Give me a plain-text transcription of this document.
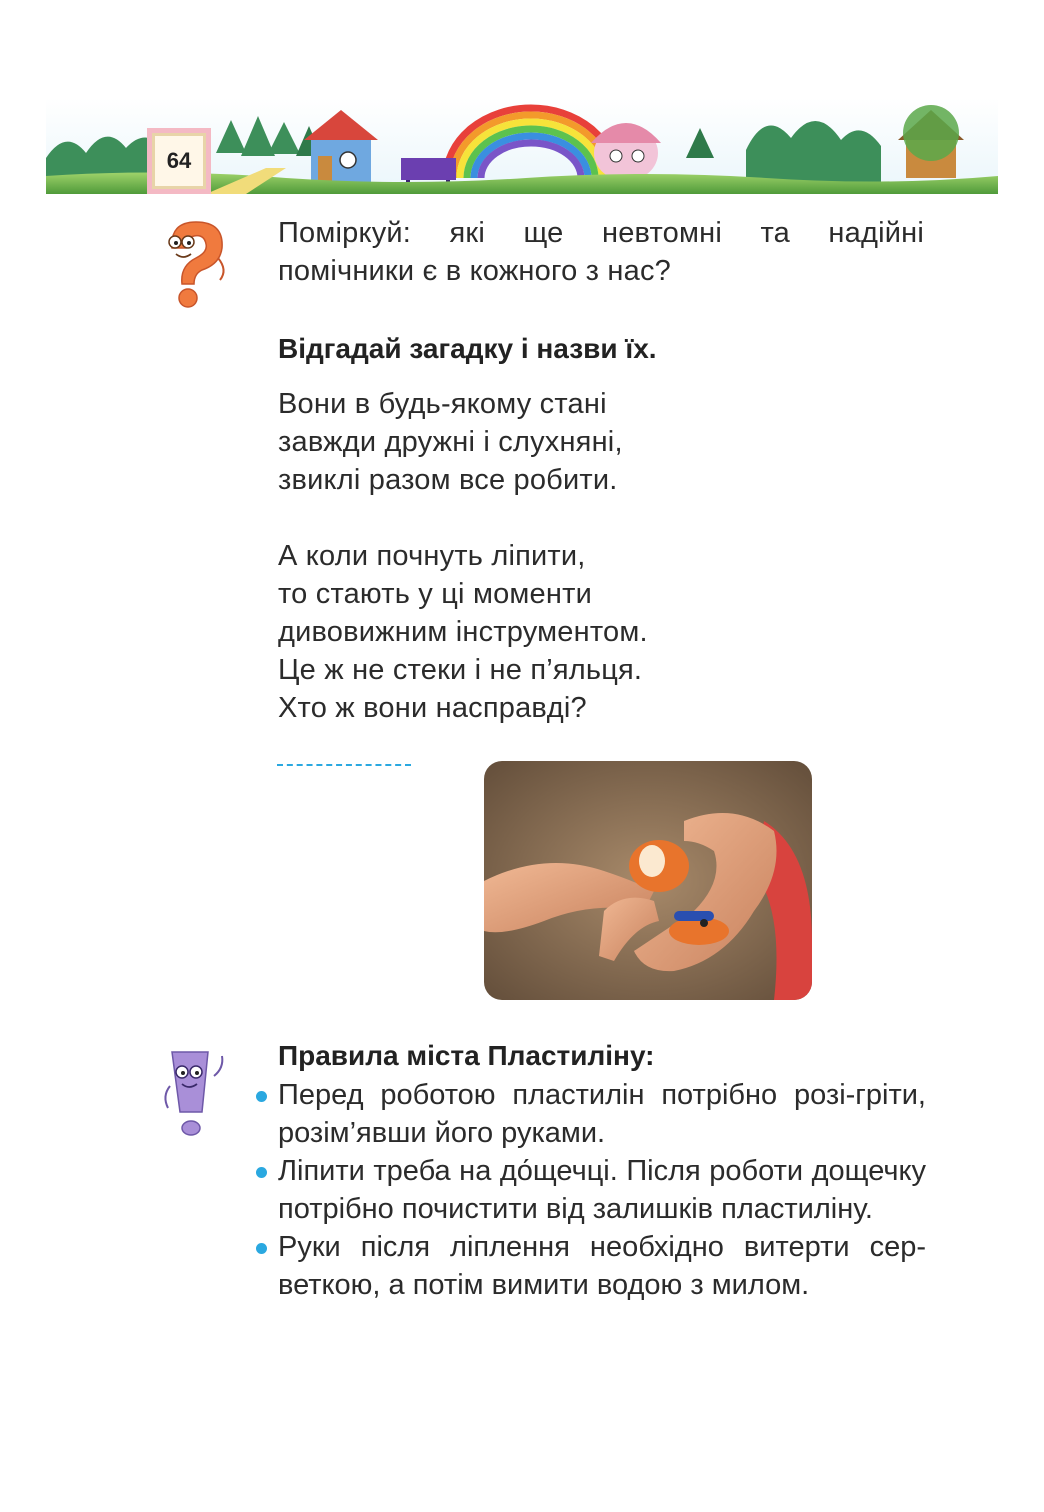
64
Поміркуй: які ще невтомні та надійні
помічники є в кожного з нас?
Відгадай загадку і назви їх.

Вони в будь-якому стані

завжди дружні і слухняні,

звиклі разом все робити.

А коли почнуть ліпити,

то стають у ці моменти

дивовижним інструментом.

Це ж не стеки і не п’яльця.

Хто ж вони насправді?

Правила міста Пластиліну:
Перед роботою пластилін потрібно розі-гріти, розім’явши його руками.
Ліпити треба на до́щечці. Після роботи дощечку потрібно почистити від залишків пластиліну.
Руки після ліплення необхідно витерти сер-веткою, а потім вимити водою з милом.
